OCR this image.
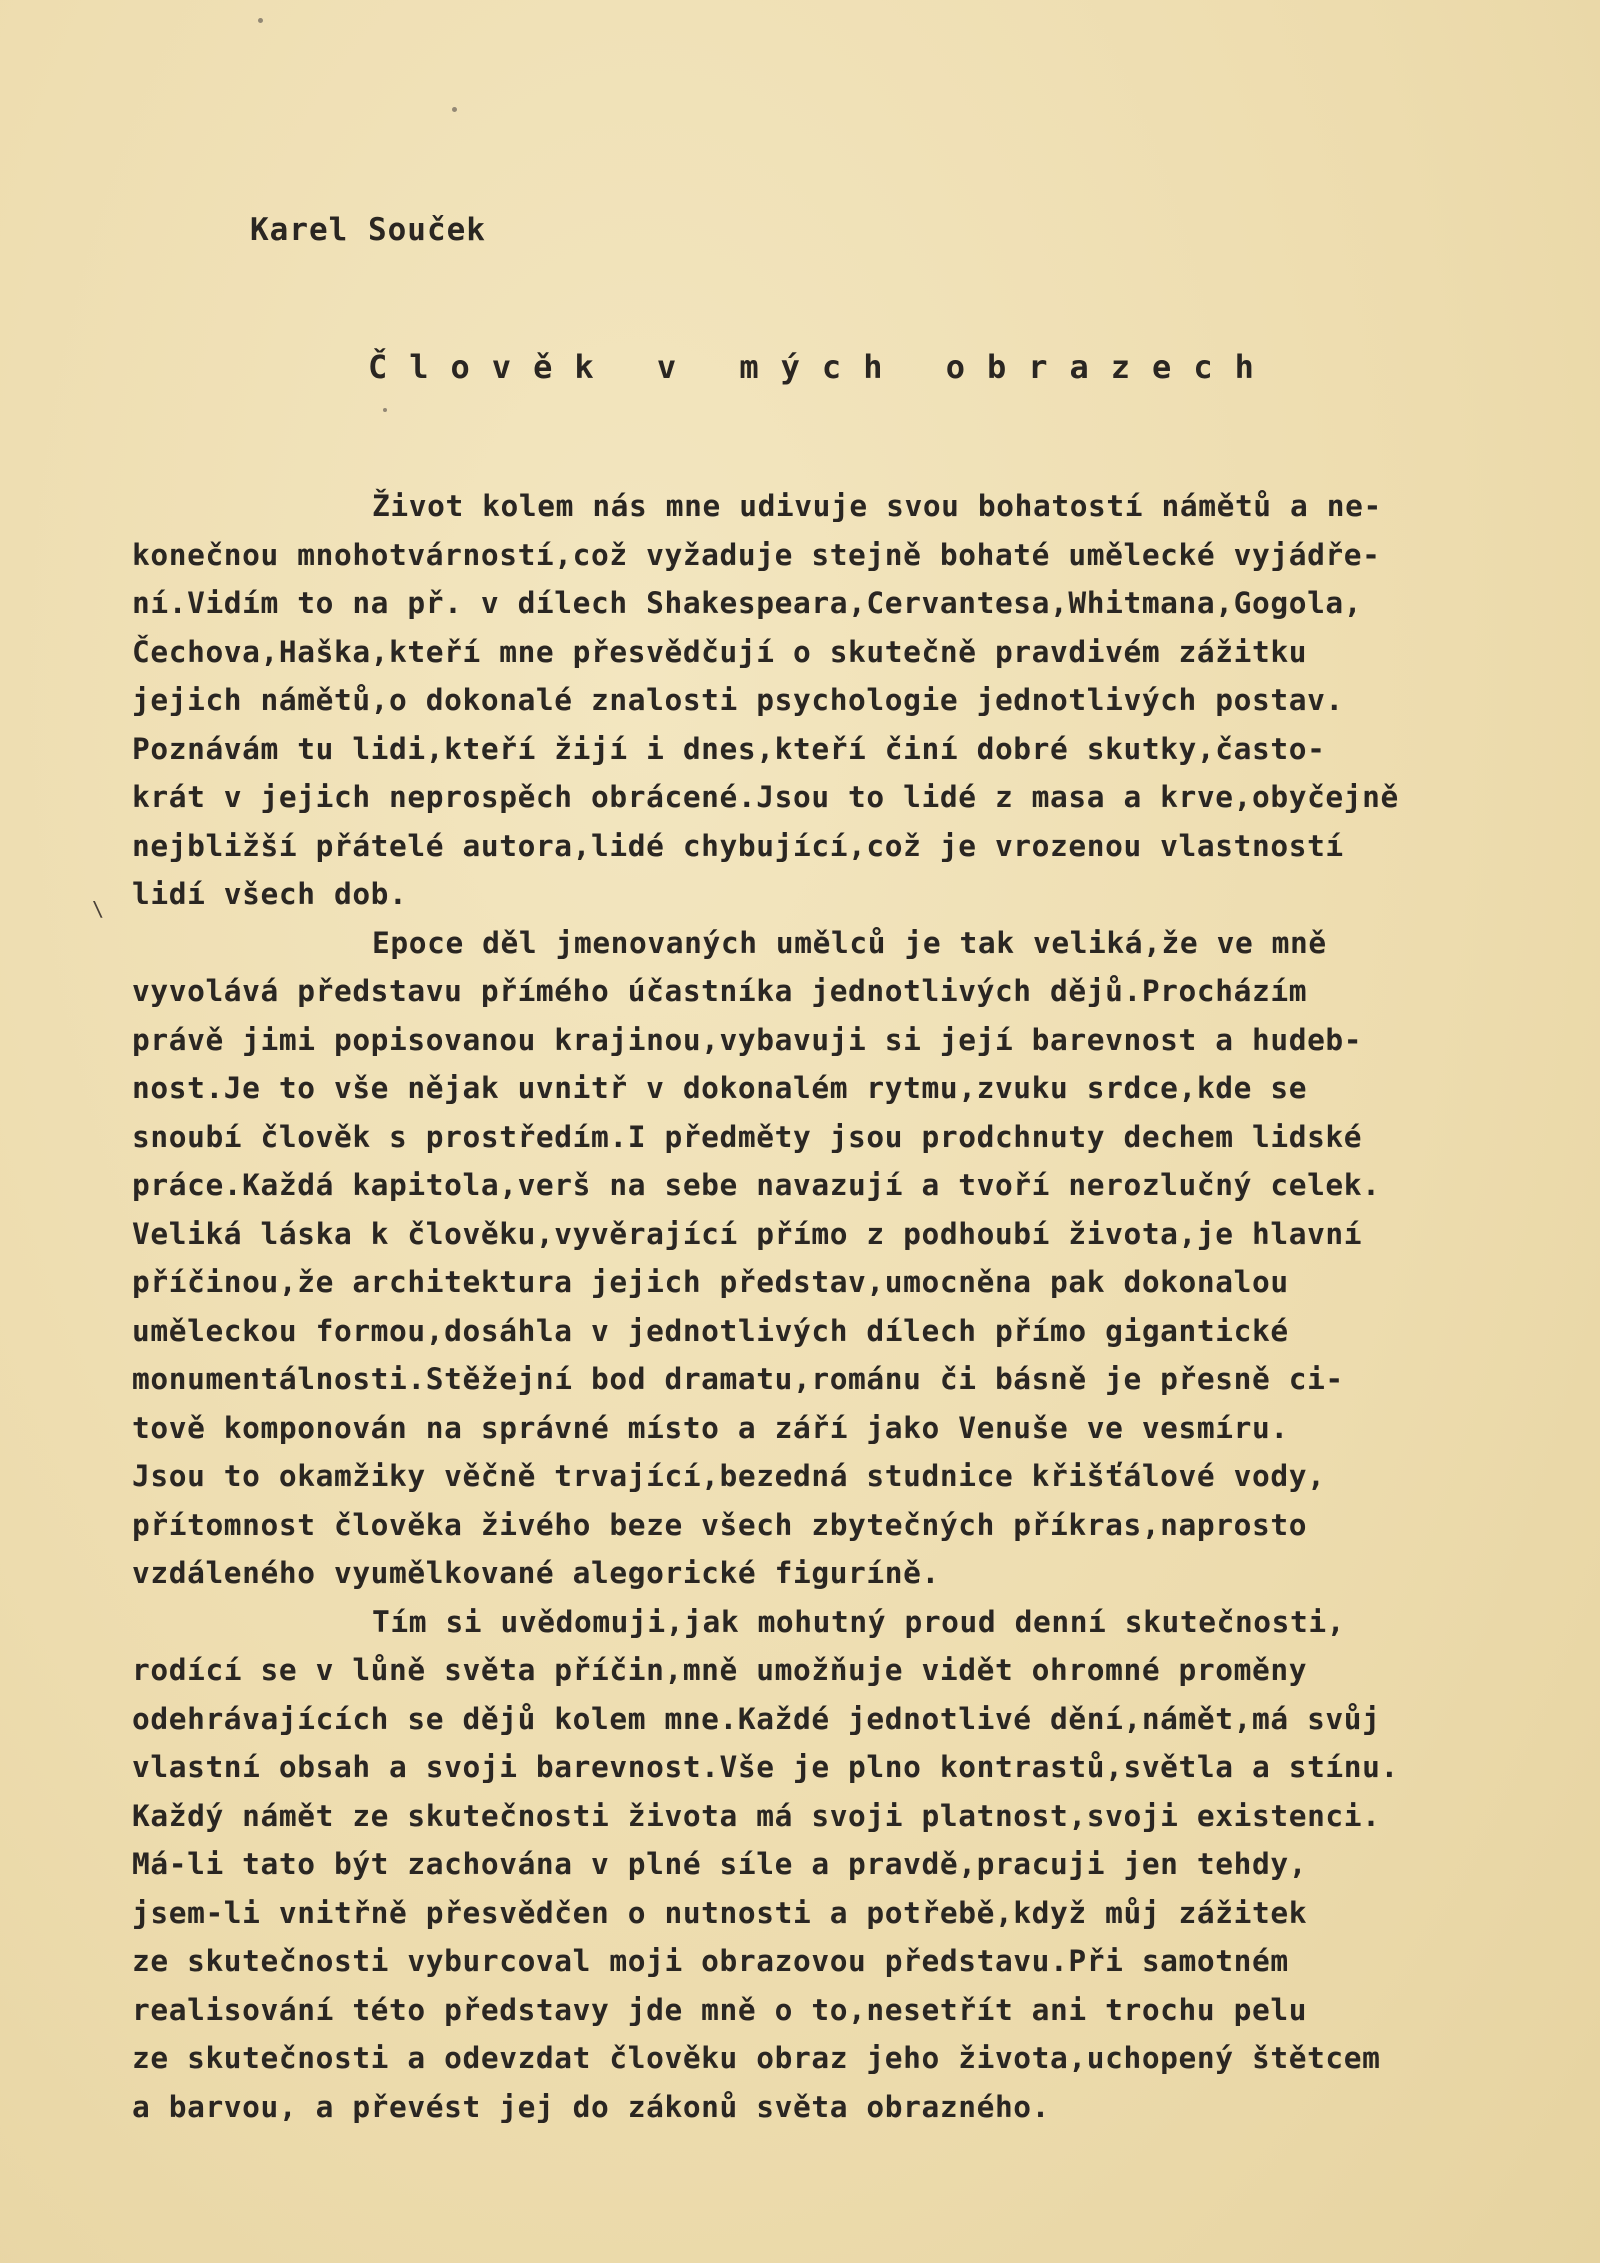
Karel Souček
Člověk v mých obrazech
\
Život kolem nás mne udivuje svou bohatostí námětů a ne-
konečnou mnohotvárností,což vyžaduje stejně bohaté umělecké vyjádře-
ní.Vidím to na př. v dílech Shakespeara,Cervantesa,Whitmana,Gogola,
Čechova,Haška,kteří mne přesvědčují o skutečně pravdivém zážitku
jejich námětů,o dokonalé znalosti psychologie jednotlivých postav.
Poznávám tu lidi,kteří žijí i dnes,kteří činí dobré skutky,často-
krát v jejich neprospěch obrácené.Jsou to lidé z masa a krve,obyčejně
nejbližší přátelé autora,lidé chybující,což je vrozenou vlastností
lidí všech dob.
Epoce děl jmenovaných umělců je tak veliká,že ve mně
vyvolává představu přímého účastníka jednotlivých dějů.Procházím
právě jimi popisovanou krajinou,vybavuji si její barevnost a hudeb-
nost.Je to vše nějak uvnitř v dokonalém rytmu,zvuku srdce,kde se
snoubí člověk s prostředím.I předměty jsou prodchnuty dechem lidské
práce.Každá kapitola,verš na sebe navazují a tvoří nerozlučný celek.
Veliká láska k člověku,vyvěrající přímo z podhoubí života,je hlavní
příčinou,že architektura jejich představ,umocněna pak dokonalou
uměleckou formou,dosáhla v jednotlivých dílech přímo gigantické
monumentálnosti.Stěžejní bod dramatu,románu či básně je přesně ci-
tově komponován na správné místo a září jako Venuše ve vesmíru.
Jsou to okamžiky věčně trvající,bezedná studnice křišťálové vody,
přítomnost člověka živého beze všech zbytečných příkras,naprosto
vzdáleného vyumělkované alegorické figuríně.
Tím si uvědomuji,jak mohutný proud denní skutečnosti,
rodící se v lůně světa příčin,mně umožňuje vidět ohromné proměny
odehrávajících se dějů kolem mne.Každé jednotlivé dění,námět,má svůj
vlastní obsah a svoji barevnost.Vše je plno kontrastů,světla a stínu.
Každý námět ze skutečnosti života má svoji platnost,svoji existenci.
Má-li tato být zachována v plné síle a pravdě,pracuji jen tehdy,
jsem-li vnitřně přesvědčen o nutnosti a potřebě,když můj zážitek
ze skutečnosti vyburcoval moji obrazovou představu.Při samotném
realisování této představy jde mně o to,nesetřít ani trochu pelu
ze skutečnosti a odevzdat člověku obraz jeho života,uchopený štětcem
a barvou, a převést jej do zákonů světa obrazného.
